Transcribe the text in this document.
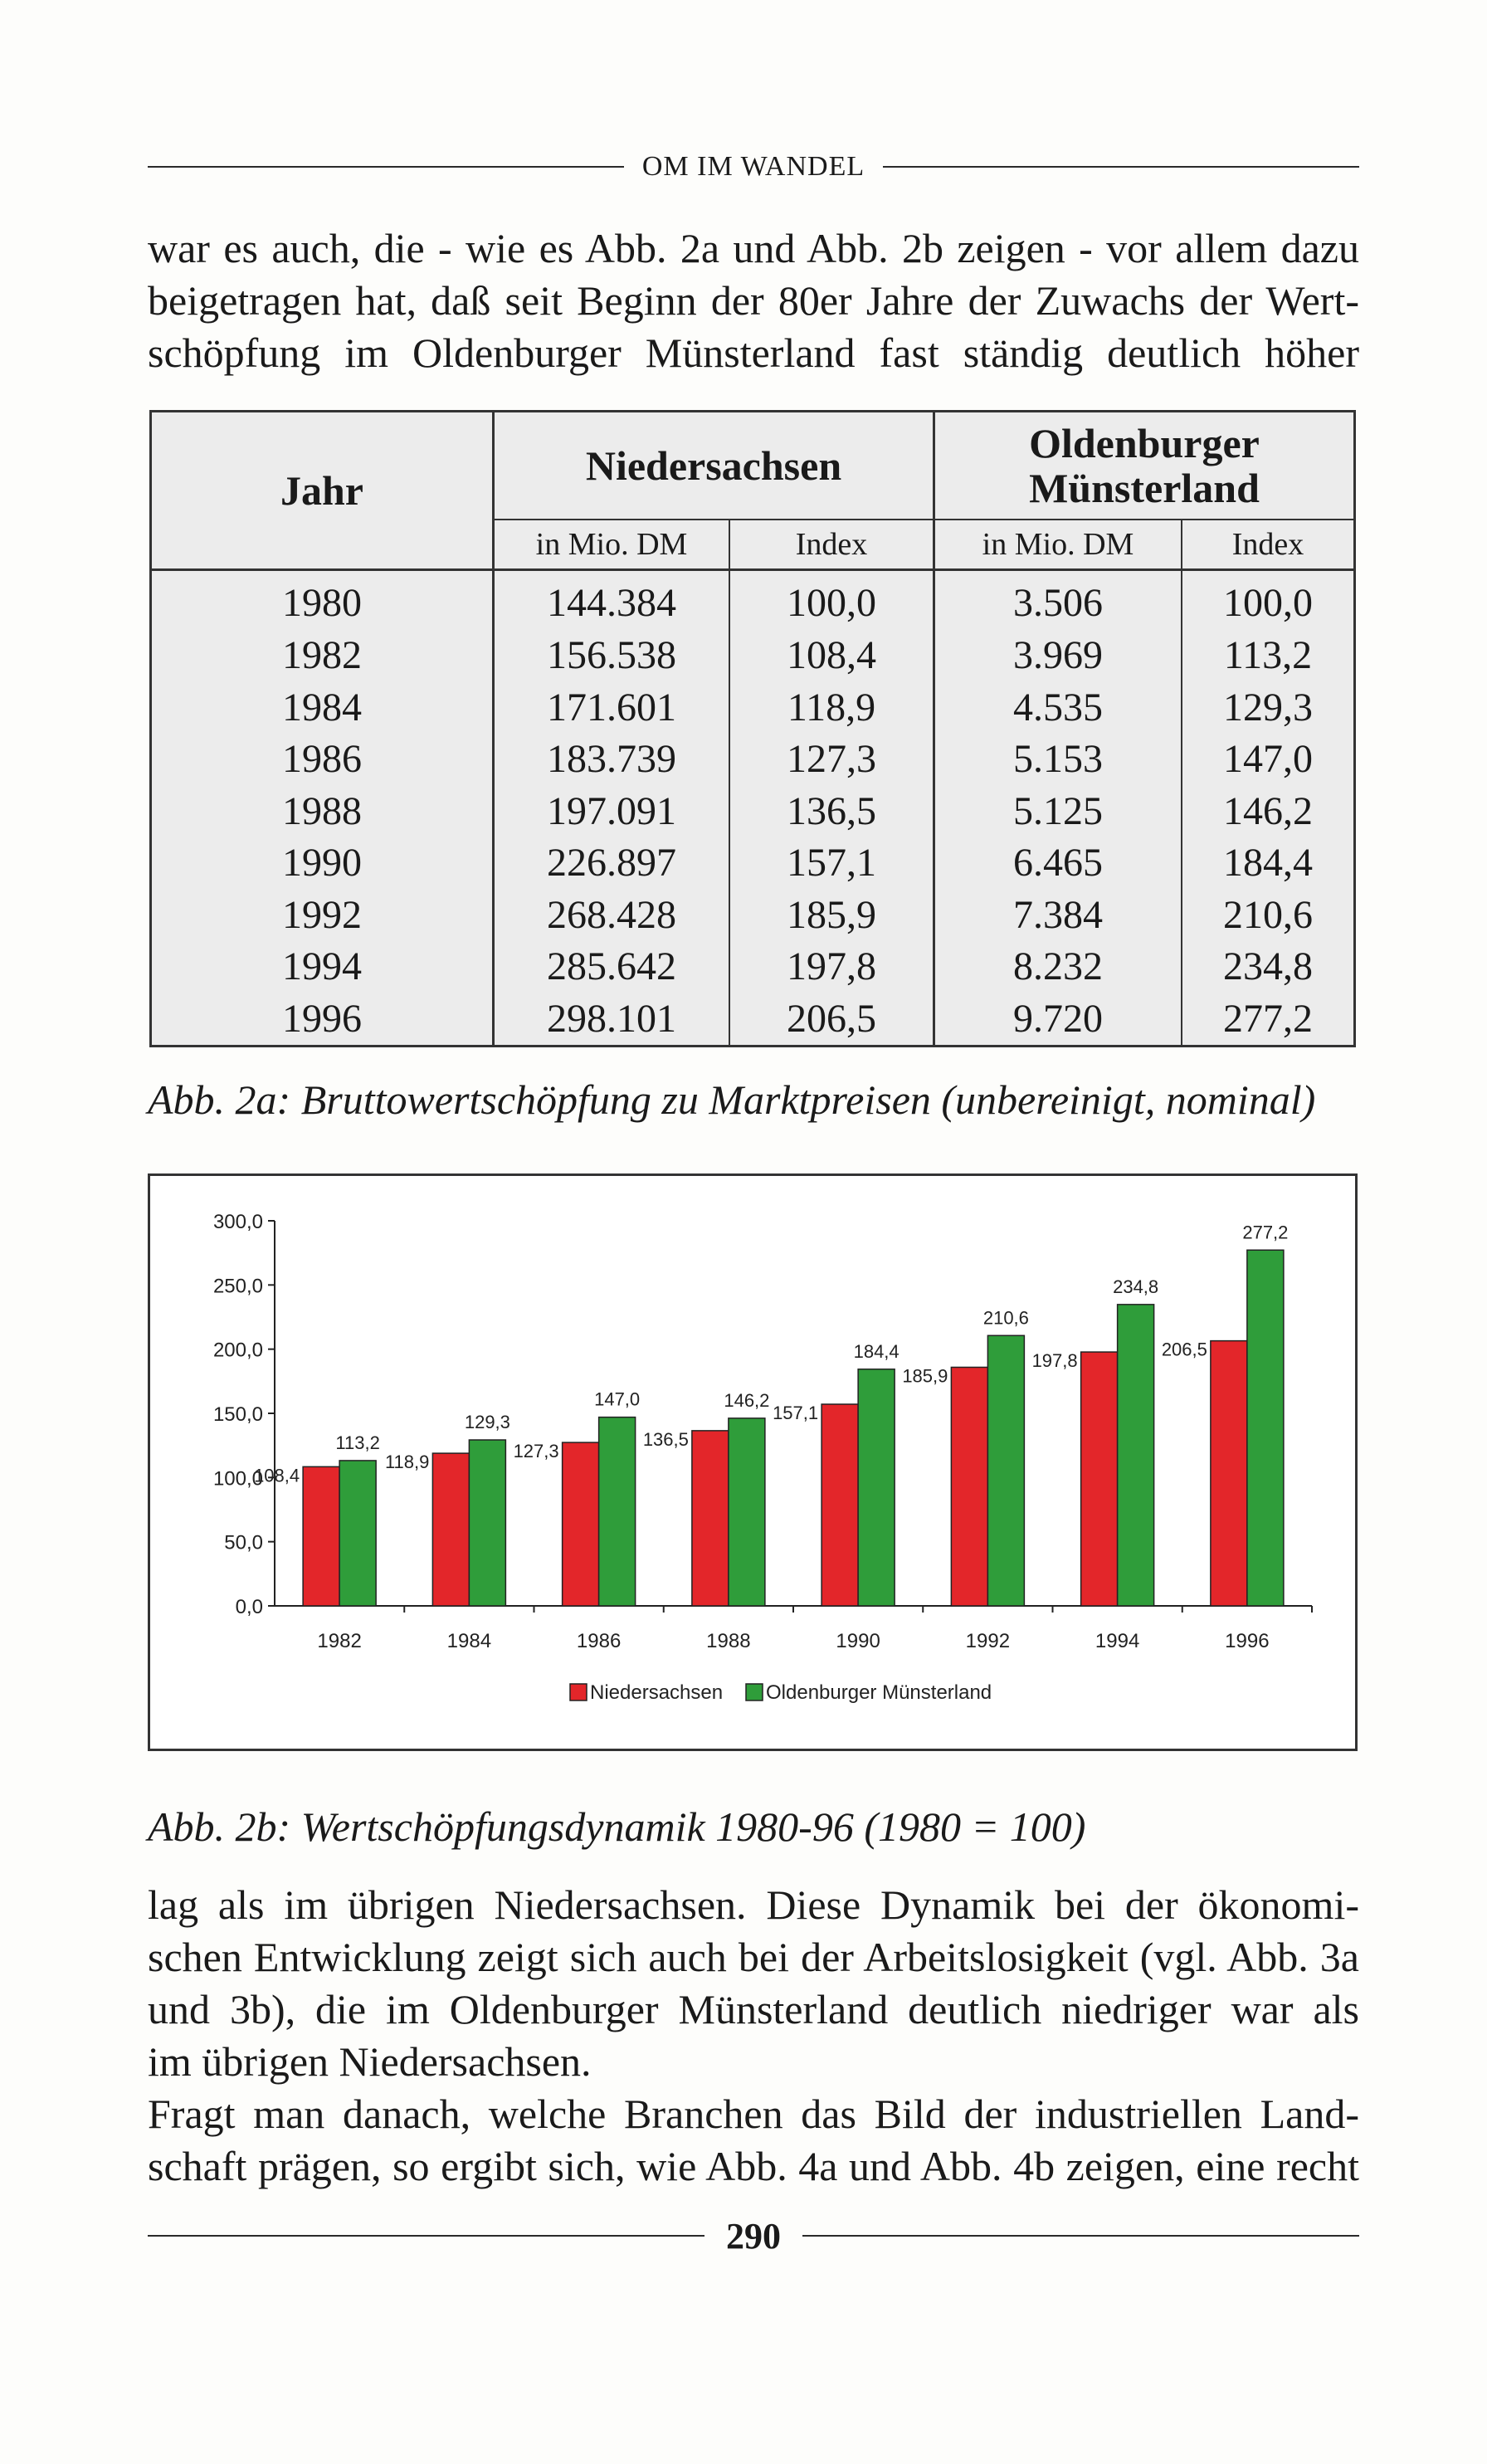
OM IM WANDEL

war es auch, die - wie es Abb. 2a und Abb. 2b zeigen - vor allem dazu
beigetragen hat, daß seit Beginn der 80er Jahre der Zuwachs der Wert-
schöpfung im Oldenburger Münsterland fast ständig deutlich höher

Jahr	Niedersachsen		Oldenburger
Münsterland	
	in Mio. DM	Index	in Mio. DM	Index
1980	144.384	100,0	3.506	100,0
1982	156.538	108,4	3.969	113,2
1984	171.601	118,9	4.535	129,3
1986	183.739	127,3	5.153	147,0
1988	197.091	136,5	5.125	146,2
1990	226.897	157,1	6.465	184,4
1992	268.428	185,9	7.384	210,6
1994	285.642	197,8	8.232	234,8
1996	298.101	206,5	9.720	277,2
Abb. 2a: Bruttowertschöpfung zu Marktpreisen (unbereinigt, nominal)
0,0
50,0
100,0
150,0
200,0
250,0
300,0
1982
108,4
113,2
1984
118,9
129,3
1986
127,3
147,0
1988
136,5
146,2
1990
157,1
184,4
1992
185,9
210,6
1994
197,8
234,8
1996
206,5
277,2
Niedersachsen Oldenburger Münsterland
Abb. 2b: Wertschöpfungsdynamik 1980-96 (1980 = 100)

lag als im übrigen Niedersachsen. Diese Dynamik bei der ökonomi-
schen Entwicklung zeigt sich auch bei der Arbeitslosigkeit (vgl. Abb. 3a
und 3b), die im Oldenburger Münsterland deutlich niedriger war als
im übrigen Niedersachsen.
Fragt man danach, welche Branchen das Bild der industriellen Land-
schaft prägen, so ergibt sich, wie Abb. 4a und Abb. 4b zeigen, eine recht

290
